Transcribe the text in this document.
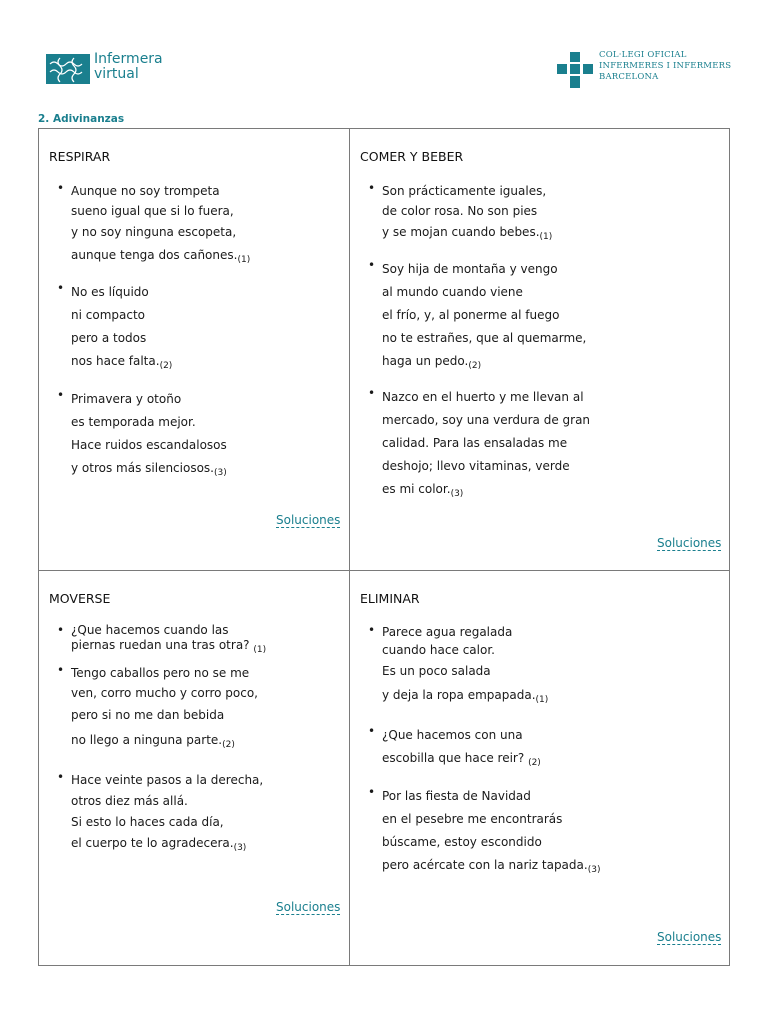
Infermera
virtual
COL·LEGI OFICIAL
INFERMERES I INFERMERS
BARCELONA
2. Adivinanzas
RESPIRAR
• Aunque no soy trompeta
sueno igual que si lo fuera,
y no soy ninguna escopeta,
aunque tenga dos $cañones._{(1)}$
• No es líquido
ni compacto
pero a todos
nos hace $falta._{(2)}$
• Primavera y otoño
es temporada mejor.
Hace ruidos escandalosos
y otros más $silenciosos._{(3)}$
Soluciones
COMER Y BEBER
• Son prácticamente iguales,
de color rosa. No son pies
y se mojan cuando $bebes._{(1)}$
• Soy hija de montaña y vengo
al mundo cuando viene
el frío, y, al ponerme al fuego
no te estrañes, que al quemarme,
haga un $pedo._{(2)}$
• Nazco en el huerto y me llevan al
mercado, soy una verdura de gran
calidad. Para las ensaladas me
deshojo; llevo vitaminas, verde
es mi $color._{(3)}$
Soluciones
MOVERSE
• ¿Que hacemos cuando las
piernas ruedan una tras otra? $_{(1)}$
• Tengo caballos pero no se me
ven, corro mucho y corro poco,
pero si no me dan bebida
no llego a ninguna $parte._{(2)}$
• Hace veinte pasos a la derecha,
otros diez más allá.
Si esto lo haces cada día,
el cuerpo te lo $agradecera._{(3)}$
Soluciones
ELIMINAR
• Parece agua regalada
cuando hace calor.
Es un poco salada
y deja la ropa $empapada._{(1)}$
• ¿Que hacemos con una
escobilla que hace reir? $_{(2)}$
• Por las fiesta de Navidad
en el pesebre me encontrarás
búscame, estoy escondido
pero acércate con la nariz $tapada._{(3)}$
Soluciones
